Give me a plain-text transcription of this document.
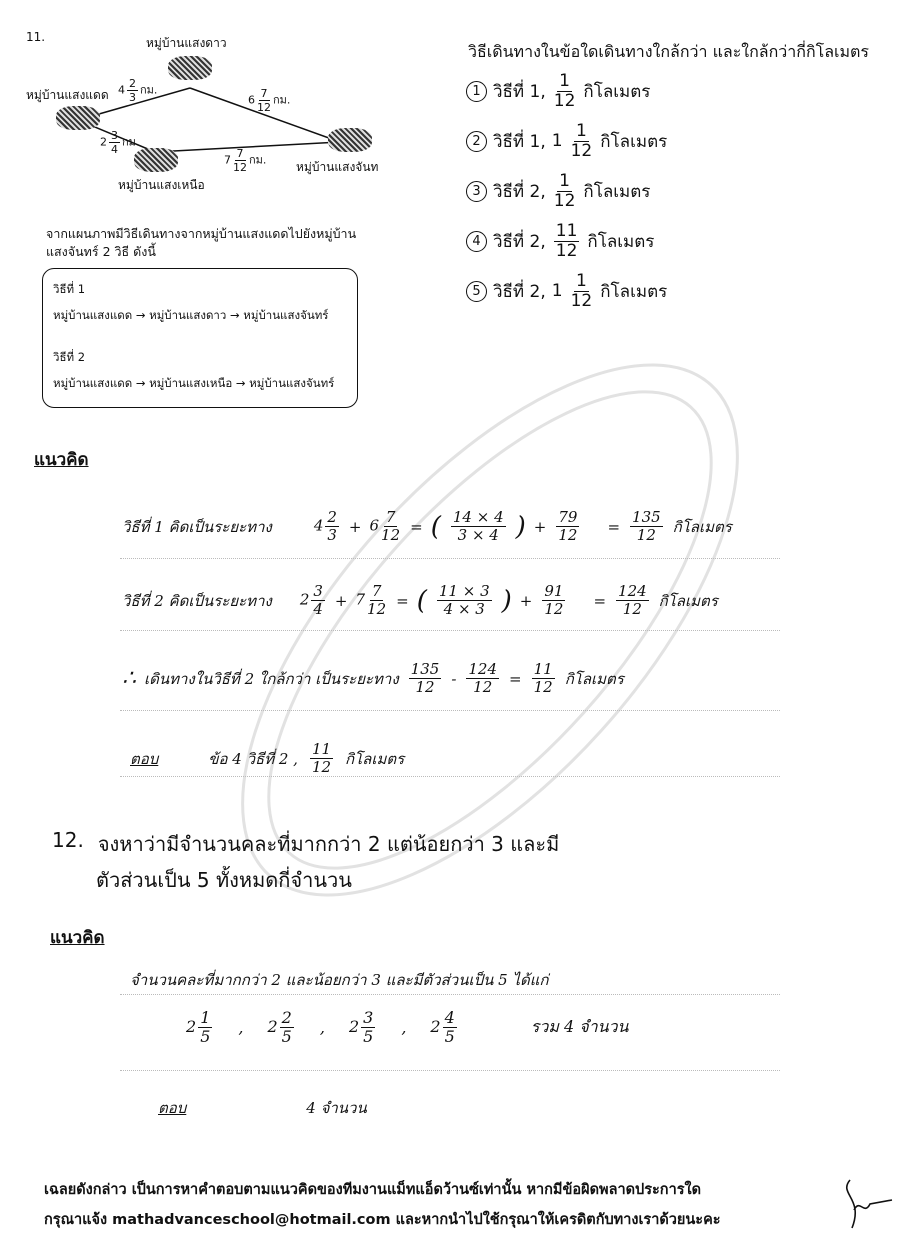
11.	หมู่บ้านแสงดาว
หมู่บ้านแสงแดด
หมู่บ้านแสงจันท
หมู่บ้านแสงเหนือ
$4 \frac{2}{3}$ กม.
$6 \frac{7}{12}$ กม.
$2 \frac{3}{4}$ กม.
$7 \frac{7}{12}$ กม.
จากแผนภาพมีวิธีเดินทางจากหมู่บ้านแสงแดดไปยังหมู่บ้าน
แสงจันทร์ 2 วิธี ดังนี้
วิธีที่ 1
หมู่บ้านแสงแดด → หมู่บ้านแสงดาว → หมู่บ้านแสงจันทร์
วิธีที่ 2
หมู่บ้านแสงแดด → หมู่บ้านแสงเหนือ → หมู่บ้านแสงจันทร์
วิธีเดินทางในข้อใดเดินทางใกล้กว่า และใกล้กว่ากี่กิโลเมตร
1 วิธีที่ 1, $\frac{1}{12}$ กิโลเมตร
2 วิธีที่ 1, $1 \frac{1}{12}$ กิโลเมตร
3 วิธีที่ 2, $\frac{1}{12}$ กิโลเมตร
4 วิธีที่ 2, $\frac{11}{12}$ กิโลเมตร
5 วิธีที่ 2, $1 \frac{1}{12}$ กิโลเมตร
แนวคิด
วิธีที่ 1 คิดเป็นระยะทาง	$4 \frac{2}{3} + 6 \frac{7}{12}$ = ( $\frac{14 \times 4}{3 \times 4}$ ) + $\frac{79}{12} = \frac{135}{12}$ กิโลเมตร
วิธีที่ 2 คิดเป็นระยะทาง $2 \frac{3}{4} + 7 \frac{7}{12}$ = ( $\frac{11 \times 3}{4 \times 3}$ ) + $\frac{91}{12} = \frac{124}{12}$ กิโลเมตร
∴ เดินทางในวิธีที่ 2 ใกล้กว่า เป็นระยะทาง $\frac{135}{12} - \frac{124}{12} = \frac{11}{12}$ กิโลเมตร
ตอบ	ข้อ 4 วิธีที่ 2 , $\frac{11}{12}$ กิโลเมตร
12. จงหาว่ามีจำนวนคละที่มากกว่า 2 แต่น้อยกว่า 3 และมี
ตัวส่วนเป็น 5 ทั้งหมดกี่จำนวน
แนวคิด
จำนวนคละที่มากกว่า 2 และน้อยกว่า 3 และมีตัวส่วนเป็น 5 ได้แก่
$2 \frac{1}{5}$ , $2 \frac{2}{5}$ , $2 \frac{3}{5}$ , $2 \frac{4}{5}$	รวม 4 จำนวน
ตอบ	4 จำนวน
เฉลยดังกล่าว เป็นการหาคำตอบตามแนวคิดของทีมงานแม็ทแอ็ดว้านซ์เท่านั้น หากมีข้อผิดพลาดประการใด
กรุณาแจ้ง mathadvanceschool@hotmail.com และหากนำไปใช้กรุณาให้เครดิตกับทางเราด้วยนะคะ
